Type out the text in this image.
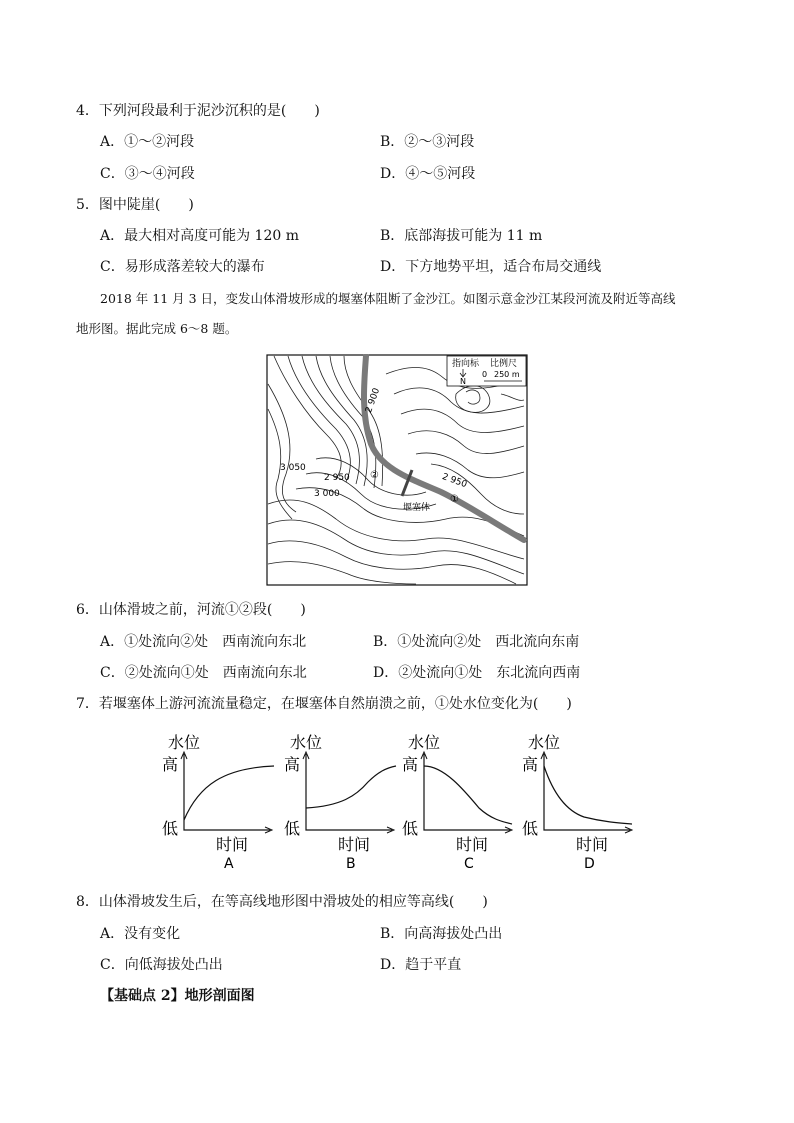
4．下列河段最利于泥沙沉积的是(　　)
A．①～②河段	B．②～③河段
C．③～④河段	D．④～⑤河段
5．图中陡崖(　　)
A．最大相对高度可能为 120 m	B．底部海拔可能为 11 m
C．易形成落差较大的瀑布	D．下方地势平坦，适合布局交通线
2018 年 11 月 3 日，变发山体滑坡形成的堰塞体阻断了金沙江。如图示意金沙江某段河流及附近等高线
地形图。据此完成 6～8 题。
指向标 比例尺
N
0 250 m
2 900
2 950
2 950
3 050
3 000
②
①
堰塞体
6．山体滑坡之前，河流①②段(　　)
A．①处流向②处　西南流向东北	B．①处流向②处　西北流向东南
C．②处流向①处　西南流向东北	D．②处流向①处　东北流向西南
7．若堰塞体上游河流流量稳定，在堰塞体自然崩溃之前，①处水位变化为(　　)
水位
高
低
时间
A
水位
高
低
时间
B
水位
高
低
时间
C
水位
高
低
时间
D
8．山体滑坡发生后，在等高线地形图中滑坡处的相应等高线(　　)
A．没有变化	B．向高海拔处凸出
C．向低海拔处凸出	D．趋于平直
【基础点 2】地形剖面图
